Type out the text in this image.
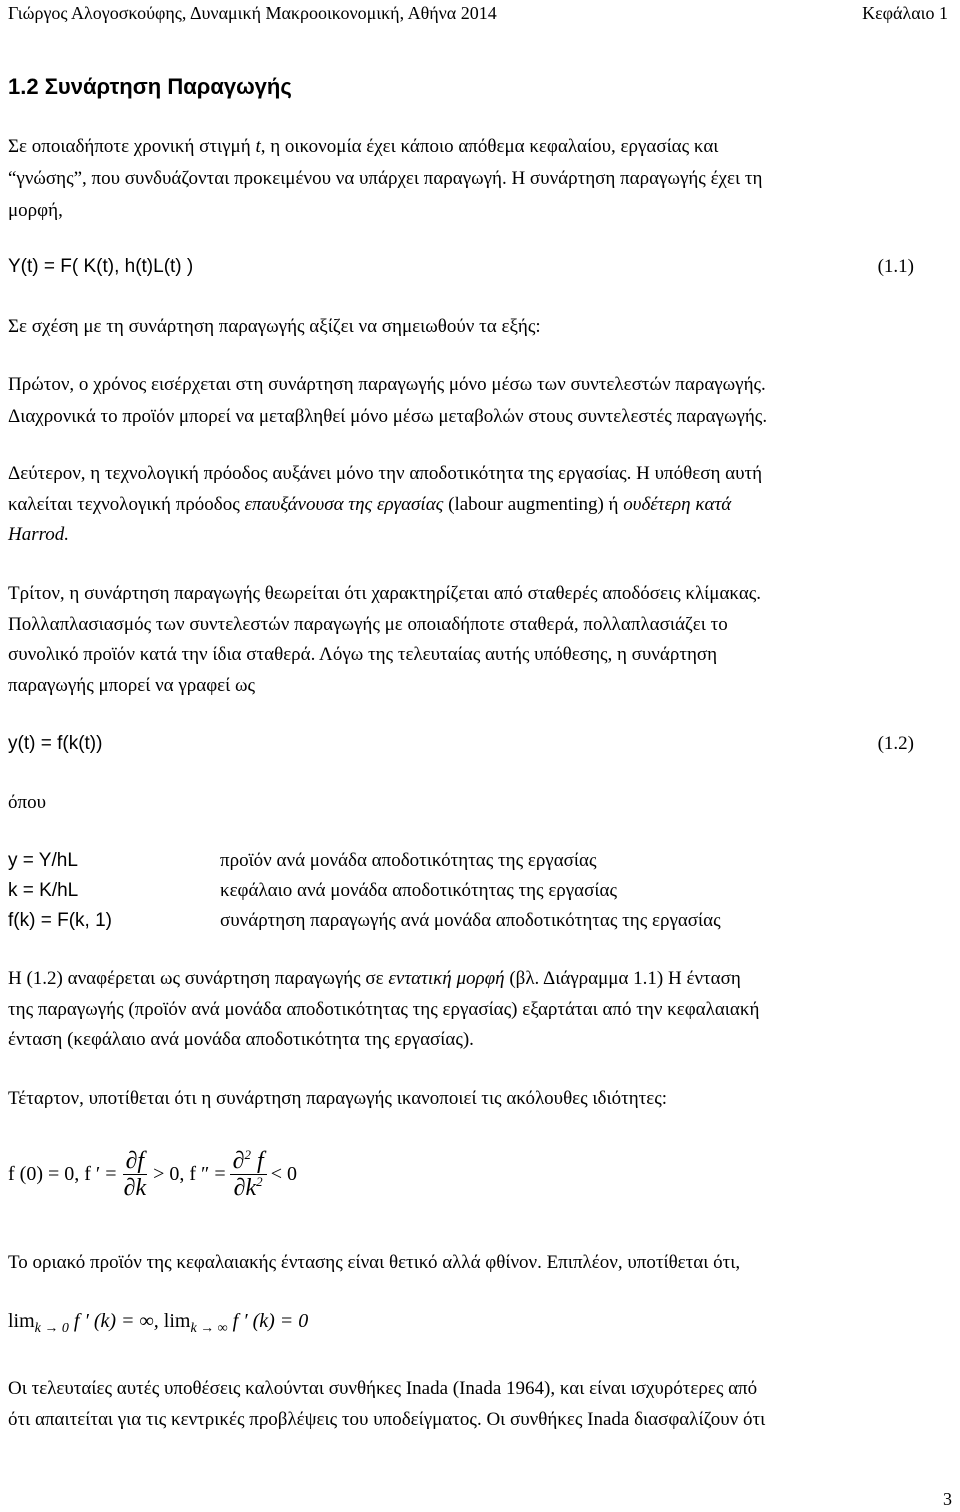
Γιώργος Αλογοσκούφης, Δυναμική Μακροοικονομική, Αθήνα 2014	Κεφάλαιο 1
1.2 Συνάρτηση Παραγωγής
Σε οποιαδήποτε χρονική στιγμή t, η οικονομία έχει κάποιο απόθεμα κεφαλαίου, εργασίας και
“γνώσης”, που συνδυάζονται προκειμένου να υπάρχει παραγωγή. Η συνάρτηση παραγωγής έχει τη
μορφή,
Y(t) = F( K(t), h(t)L(t) )	(1.1)
Σε σχέση με τη συνάρτηση παραγωγής αξίζει να σημειωθούν τα εξής:
Πρώτον, ο χρόνος εισέρχεται στη συνάρτηση παραγωγής μόνο μέσω των συντελεστών παραγωγής.
Διαχρονικά το προϊόν μπορεί να μεταβληθεί μόνο μέσω μεταβολών στους συντελεστές παραγωγής.
Δεύτερον, η τεχνολογική πρόοδος αυξάνει μόνο την αποδοτικότητα της εργασίας. Η υπόθεση αυτή
καλείται τεχνολογική πρόοδος επαυξάνουσα της εργασίας (labour augmenting) ή ουδέτερη κατά
Harrod.
Τρίτον, η συνάρτηση παραγωγής θεωρείται ότι χαρακτηρίζεται από σταθερές αποδόσεις κλίμακας.
Πολλαπλασιασμός των συντελεστών παραγωγής με οποιαδήποτε σταθερά, πολλαπλασιάζει το
συνολικό προϊόν κατά την ίδια σταθερά. Λόγω της τελευταίας αυτής υπόθεσης, η συνάρτηση
παραγωγής μπορεί να γραφεί ως
y(t) = f(k(t))	(1.2)
όπου
y = Y/hL	προϊόν ανά μονάδα αποδοτικότητας της εργασίας
k = K/hL	κεφάλαιο ανά μονάδα αποδοτικότητας της εργασίας
f(k) = F(k, 1)	συνάρτηση παραγωγής ανά μονάδα αποδοτικότητας της εργασίας
Η (1.2) αναφέρεται ως συνάρτηση παραγωγής σε εντατική μορφή (βλ. Διάγραμμα 1.1) Η ένταση
της παραγωγής (προϊόν ανά μονάδα αποδοτικότητας της εργασίας) εξαρτάται από την κεφαλαιακή
ένταση (κεφάλαιο ανά μονάδα αποδοτικότητα της εργασίας).
Τέταρτον, υποτίθεται ότι η συνάρτηση παραγωγής ικανοποιεί τις ακόλουθες ιδιότητες:
f (0) = 0, f ′ = $\frac{\partial f}{\partial k} > 0$, f ″ = $\frac{\partial^2 f}{\partial k^2} < 0$
Το οριακό προϊόν της κεφαλαιακής έντασης είναι θετικό αλλά φθίνον. Επιπλέον, υποτίθεται ότι,
$\lim_{k \to 0} f$ ′ (k) = ∞, $\lim_{k \to \infty} f$ ′ (k) = 0
Οι τελευταίες αυτές υποθέσεις καλούνται συνθήκες Inada (Inada 1964), και είναι ισχυρότερες από
ότι απαιτείται για τις κεντρικές προβλέψεις του υποδείγματος. Οι συνθήκες Inada διασφαλίζουν ότι
3
